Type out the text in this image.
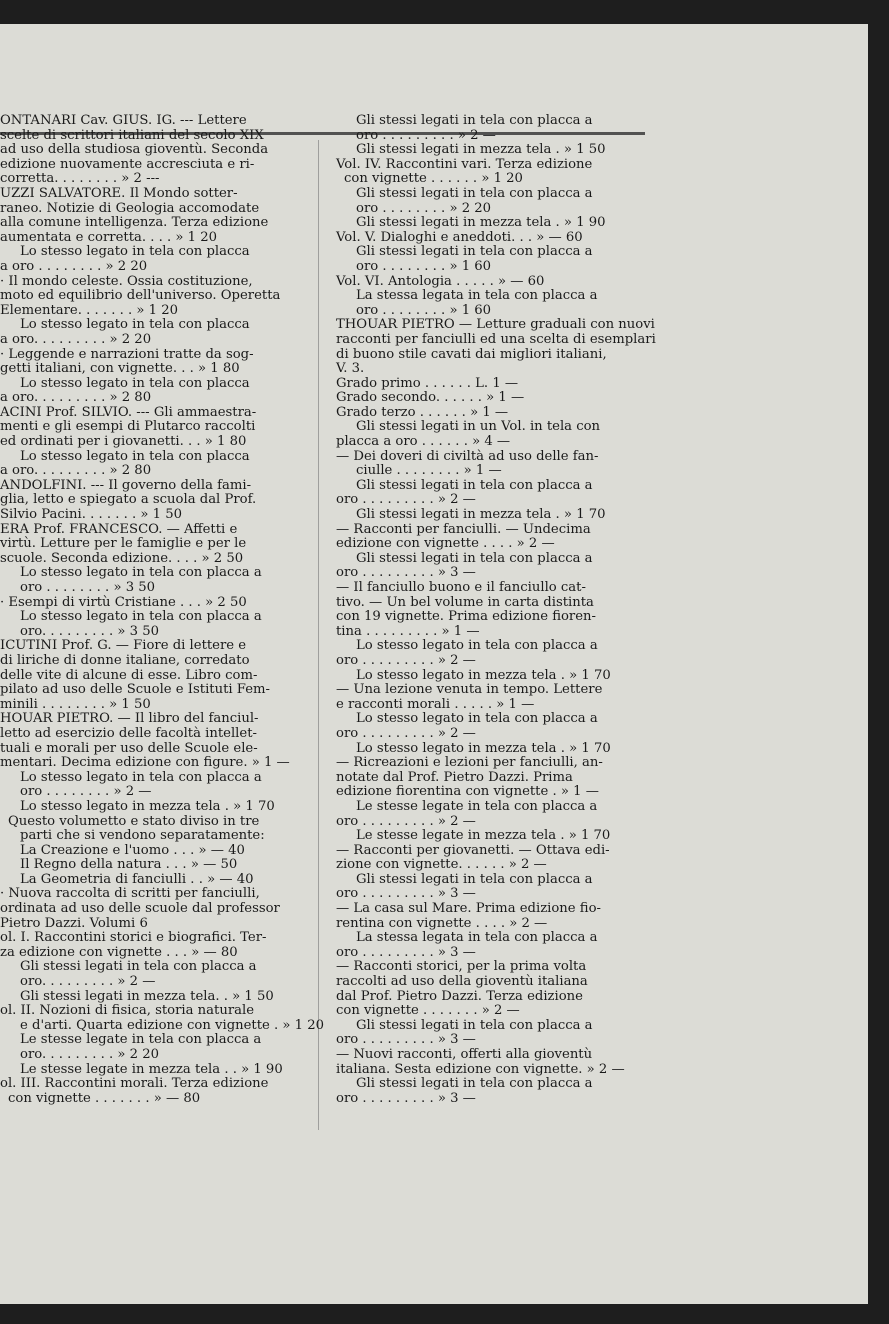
ONTANARI Cav. GIUS. IG. --- Lettere
scelte di scrittori italiani del secolo XIX
ad uso della studiosa gioventù. Seconda
edizione nuovamente accresciuta e ri-
corretta. . . . . . . . » 2 ---
UZZI SALVATORE. Il Mondo sotter-
raneo. Notizie di Geologia accomodate
alla comune intelligenza. Terza edizione
aumentata e corretta. . . . » 1 20
Lo stesso legato in tela con placca
a oro . . . . . . . . » 2 20
· Il mondo celeste. Ossia costituzione,
moto ed equilibrio dell'universo. Operetta
Elementare. . . . . . . » 1 20
Lo stesso legato in tela con placca
a oro. . . . . . . . . » 2 20
· Leggende e narrazioni tratte da sog-
getti italiani, con vignette. . . » 1 80
Lo stesso legato in tela con placca
a oro. . . . . . . . . » 2 80
ACINI Prof. SILVIO. --- Gli ammaestra-
menti e gli esempi di Plutarco raccolti
ed ordinati per i giovanetti. . . » 1 80
Lo stesso legato in tela con placca
a oro. . . . . . . . . » 2 80
ANDOLFINI. --- Il governo della fami-
glia, letto e spiegato a scuola dal Prof.
Silvio Pacini. . . . . . . » 1 50
ERA Prof. FRANCESCO. — Affetti e
virtù. Letture per le famiglie e per le
scuole. Seconda edizione. . . . » 2 50
Lo stesso legato in tela con placca a
oro . . . . . . . . » 3 50
· Esempi di virtù Cristiane . . . » 2 50
Lo stesso legato in tela con placca a
oro. . . . . . . . . » 3 50
ICUTINI Prof. G. — Fiore di lettere e
di liriche di donne italiane, corredato
delle vite di alcune di esse. Libro com-
pilato ad uso delle Scuole e Istituti Fem-
minili . . . . . . . . » 1 50
HOUAR PIETRO. — Il libro del fanciul-
letto ad esercizio delle facoltà intellet-
tuali e morali per uso delle Scuole ele-
mentari. Decima edizione con figure. » 1 —
Lo stesso legato in tela con placca a
oro . . . . . . . . » 2 —
Lo stesso legato in mezza tela . » 1 70
Questo volumetto e stato diviso in tre
parti che si vendono separatamente:
La Creazione e l'uomo . . . » — 40
Il Regno della natura . . . » — 50
La Geometria di fanciulli . . » — 40
· Nuova raccolta di scritti per fanciulli,
ordinata ad uso delle scuole dal professor
Pietro Dazzi. Volumi 6
ol. I. Raccontini storici e biografici. Ter-
za edizione con vignette . . . » — 80
Gli stessi legati in tela con placca a
oro. . . . . . . . . » 2 —
Gli stessi legati in mezza tela. . » 1 50
ol. II. Nozioni di fisica, storia naturale
e d'arti. Quarta edizione con vignette . » 1 20
Le stesse legate in tela con placca a
oro. . . . . . . . . » 2 20
Le stesse legate in mezza tela . . » 1 90
ol. III. Raccontini morali. Terza edizione
con vignette . . . . . . . » — 80
Gli stessi legati in tela con placca a
oro . . . . . . . . . » 2 —
Gli stessi legati in mezza tela . » 1 50
Vol. IV. Raccontini vari. Terza edizione
con vignette . . . . . . » 1 20
Gli stessi legati in tela con placca a
oro . . . . . . . . » 2 20
Gli stessi legati in mezza tela . » 1 90
Vol. V. Dialoghi e aneddoti. . . » — 60
Gli stessi legati in tela con placca a
oro . . . . . . . . » 1 60
Vol. VI. Antologia . . . . . » — 60
La stessa legata in tela con placca a
oro . . . . . . . . » 1 60
THOUAR PIETRO — Letture graduali con nuovi
racconti per fanciulli ed una scelta di esemplari
di buono stile cavati dai migliori italiani,
V. 3.
Grado primo . . . . . . L. 1 —
Grado secondo. . . . . . » 1 —
Grado terzo . . . . . . » 1 —
Gli stessi legati in un Vol. in tela con
placca a oro . . . . . . » 4 —
— Dei doveri di civiltà ad uso delle fan-
ciulle . . . . . . . . » 1 —
Gli stessi legati in tela con placca a
oro . . . . . . . . . » 2 —
Gli stessi legati in mezza tela . » 1 70
— Racconti per fanciulli. — Undecima
edizione con vignette . . . . » 2 —
Gli stessi legati in tela con placca a
oro . . . . . . . . . » 3 —
— Il fanciullo buono e il fanciullo cat-
tivo. — Un bel volume in carta distinta
con 19 vignette. Prima edizione fioren-
tina . . . . . . . . . » 1 —
Lo stesso legato in tela con placca a
oro . . . . . . . . . » 2 —
Lo stesso legato in mezza tela . » 1 70
— Una lezione venuta in tempo. Lettere
e racconti morali . . . . . » 1 —
Lo stesso legato in tela con placca a
oro . . . . . . . . . » 2 —
Lo stesso legato in mezza tela . » 1 70
— Ricreazioni e lezioni per fanciulli, an-
notate dal Prof. Pietro Dazzi. Prima
edizione fiorentina con vignette . » 1 —
Le stesse legate in tela con placca a
oro . . . . . . . . . » 2 —
Le stesse legate in mezza tela . » 1 70
— Racconti per giovanetti. — Ottava edi-
zione con vignette. . . . . . » 2 —
Gli stessi legati in tela con placca a
oro . . . . . . . . . » 3 —
— La casa sul Mare. Prima edizione fio-
rentina con vignette . . . . » 2 —
La stessa legata in tela con placca a
oro . . . . . . . . . » 3 —
— Racconti storici, per la prima volta
raccolti ad uso della gioventù italiana
dal Prof. Pietro Dazzi. Terza edizione
con vignette . . . . . . . » 2 —
Gli stessi legati in tela con placca a
oro . . . . . . . . . » 3 —
— Nuovi racconti, offerti alla gioventù
italiana. Sesta edizione con vignette. » 2 —
Gli stessi legati in tela con placca a
oro . . . . . . . . . » 3 —
